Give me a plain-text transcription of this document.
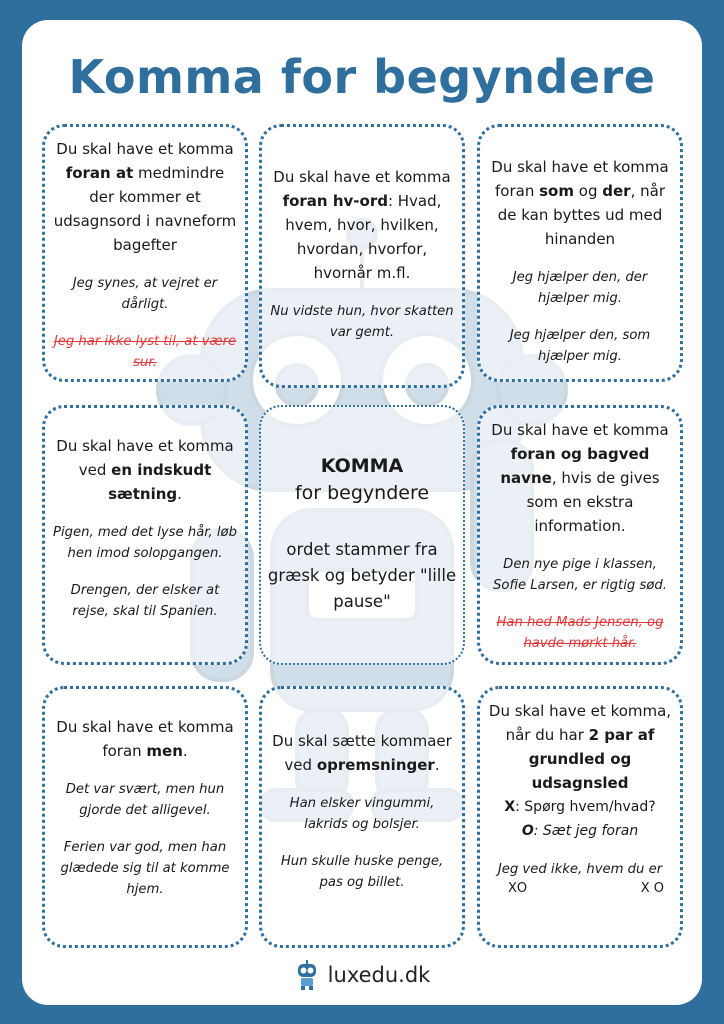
Komma for begyndere

Du skal have et komma
foran at medmindre der kommer et udsagnsord i navneform bagefter

Jeg synes, at vejret er dårligt.

Jeg har ikke lyst til, at være sur.

Du skal have et komma
foran hv-ord: Hvad, hvem, hvor, hvilken, hvordan, hvorfor, hvornår m.fl.

Nu vidste hun, hvor skatten var gemt.

Du skal have et komma foran som og der, når de kan byttes ud med hinanden

Jeg hjælper den, der hjælper mig.

Jeg hjælper den, som hjælper mig.

Du skal have et komma ved en indskudt sætning.

Pigen, med det lyse hår, løb hen imod solopgangen.

Drengen, der elsker at rejse, skal til Spanien.

KOMMA

for begyndere

ordet stammer fra græsk og betyder "lille pause"

Du skal have et komma
foran og bagved navne, hvis de gives som en ekstra information.

Den nye pige i klassen, Sofie Larsen, er rigtig sød.

Han hed Mads Jensen, og havde mørkt hår.

Du skal have et komma foran men.

Det var svært, men hun gjorde det alligevel.

Ferien var god, men han glædede sig til at komme hjem.

Du skal sætte kommaer ved opremsninger.

Han elsker vingummi, lakrids og bolsjer.

Hun skulle huske penge, pas og billet.

Du skal have et komma, når du har 2 par af grundled og udsagnsled

X: Spørg hvem/hvad?
O: Sæt jeg foran

Jeg ved ikke, hvem du er

X O	X O
luxedu.dk
